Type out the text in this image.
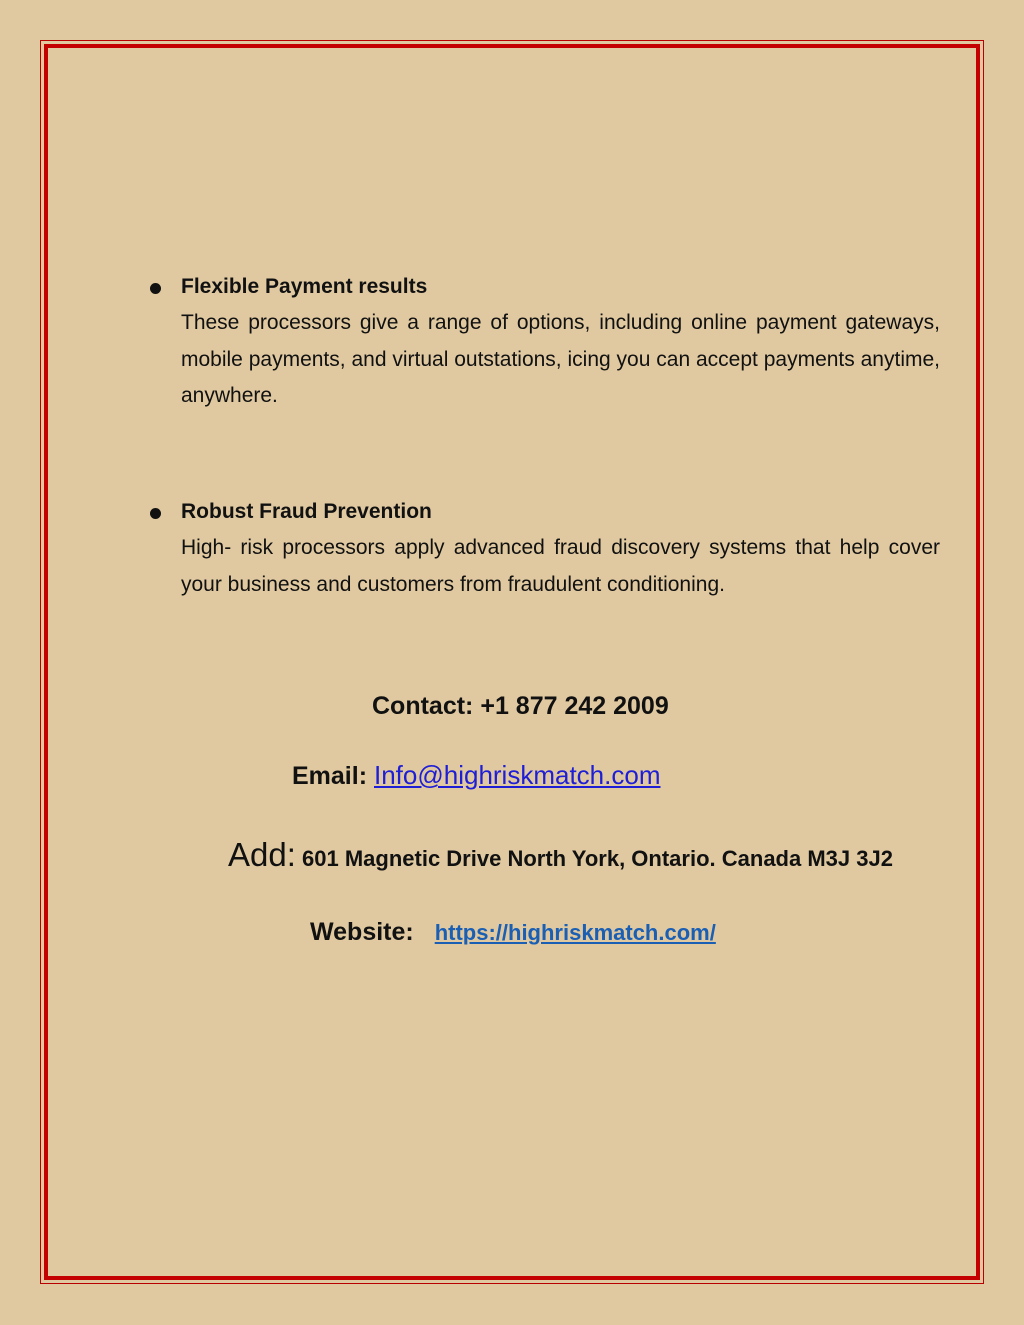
Flexible Payment results

These processors give a range of options, including online payment gateways, mobile payments, and virtual outstations, icing you can accept payments anytime, anywhere.

Robust Fraud Prevention

High- risk processors apply advanced fraud discovery systems that help cover your business and customers from fraudulent conditioning.

Contact: +1 877 242 2009
Email: Info@highriskmatch.com
Add: 601 Magnetic Drive North York, Ontario. Canada M3J 3J2
Website: https://highriskmatch.com/
